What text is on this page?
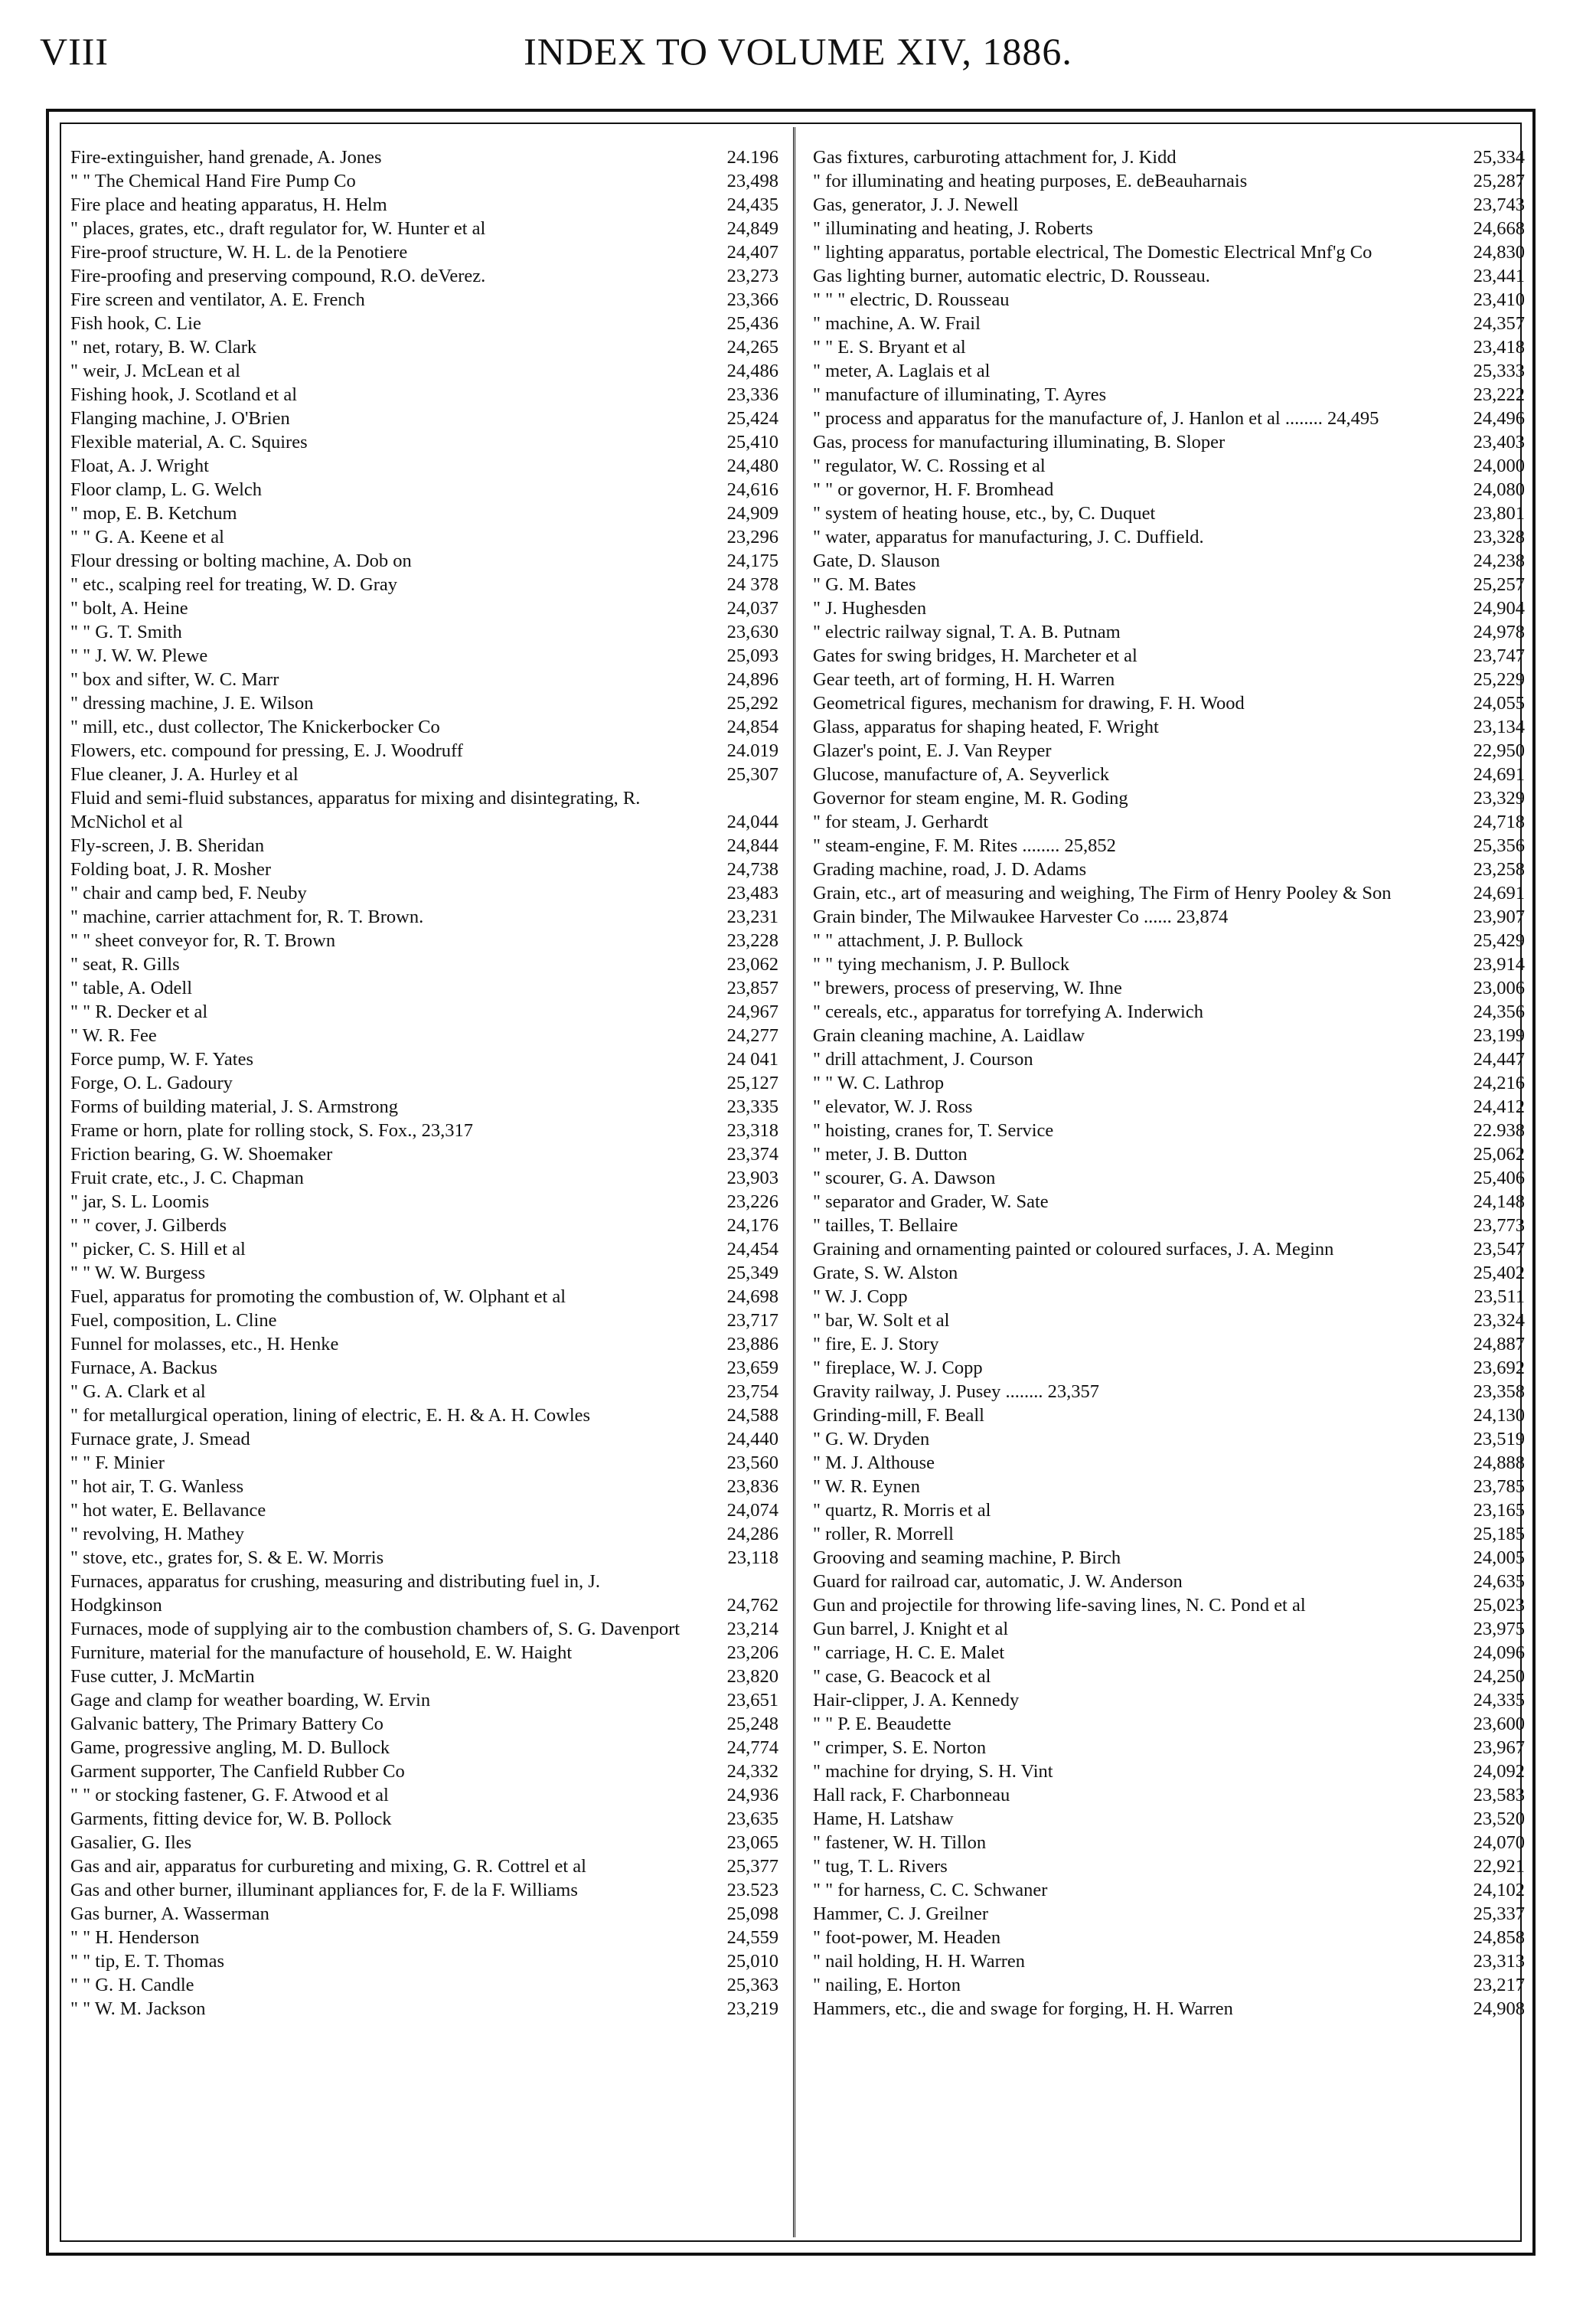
VIII	INDEX TO VOLUME XIV, 1886.
Fire-extinguisher, hand grenade, A. Jones	24.196
" " The Chemical Hand Fire Pump Co	23,498
Fire place and heating apparatus, H. Helm	24,435
" places, grates, etc., draft regulator for, W. Hunter et al	24,849
Fire-proof structure, W. H. L. de la Penotiere	24,407
Fire-proofing and preserving compound, R.O. deVerez.	23,273
Fire screen and ventilator, A. E. French	23,366
Fish hook, C. Lie	25,436
" net, rotary, B. W. Clark	24,265
" weir, J. McLean et al	24,486
Fishing hook, J. Scotland et al	23,336
Flanging machine, J. O'Brien	25,424
Flexible material, A. C. Squires	25,410
Float, A. J. Wright	24,480
Floor clamp, L. G. Welch	24,616
" mop, E. B. Ketchum	24,909
" " G. A. Keene et al	23,296
Flour dressing or bolting machine, A. Dob on	24,175
" etc., scalping reel for treating, W. D. Gray	24 378
" bolt, A. Heine	24,037
" " G. T. Smith	23,630
" " J. W. W. Plewe	25,093
" box and sifter, W. C. Marr	24,896
" dressing machine, J. E. Wilson	25,292
" mill, etc., dust collector, The Knickerbocker Co	24,854
Flowers, etc. compound for pressing, E. J. Woodruff	24.019
Flue cleaner, J. A. Hurley et al	25,307
Fluid and semi-fluid substances, apparatus for mixing and disintegrating, R. McNichol et al	24,044
Fly-screen, J. B. Sheridan	24,844
Folding boat, J. R. Mosher	24,738
" chair and camp bed, F. Neuby	23,483
" machine, carrier attachment for, R. T. Brown.	23,231
" " sheet conveyor for, R. T. Brown	23,228
" seat, R. Gills	23,062
" table, A. Odell	23,857
" " R. Decker et al	24,967
" W. R. Fee	24,277
Force pump, W. F. Yates	24 041
Forge, O. L. Gadoury	25,127
Forms of building material, J. S. Armstrong	23,335
Frame or horn, plate for rolling stock, S. Fox., 23,317	23,318
Friction bearing, G. W. Shoemaker	23,374
Fruit crate, etc., J. C. Chapman	23,903
" jar, S. L. Loomis	23,226
" " cover, J. Gilberds	24,176
" picker, C. S. Hill et al	24,454
" " W. W. Burgess	25,349
Fuel, apparatus for promoting the combustion of, W. Olphant et al	24,698
Fuel, composition, L. Cline	23,717
Funnel for molasses, etc., H. Henke	23,886
Furnace, A. Backus	23,659
" G. A. Clark et al	23,754
" for metallurgical operation, lining of electric, E. H. & A. H. Cowles	24,588
Furnace grate, J. Smead	24,440
" " F. Minier	23,560
" hot air, T. G. Wanless	23,836
" hot water, E. Bellavance	24,074
" revolving, H. Mathey	24,286
" stove, etc., grates for, S. & E. W. Morris	23,118
Furnaces, apparatus for crushing, measuring and distributing fuel in, J. Hodgkinson	24,762
Furnaces, mode of supplying air to the combustion chambers of, S. G. Davenport	23,214
Furniture, material for the manufacture of household, E. W. Haight	23,206
Fuse cutter, J. McMartin	23,820
Gage and clamp for weather boarding, W. Ervin	23,651
Galvanic battery, The Primary Battery Co	25,248
Game, progressive angling, M. D. Bullock	24,774
Garment supporter, The Canfield Rubber Co	24,332
" " or stocking fastener, G. F. Atwood et al	24,936
Garments, fitting device for, W. B. Pollock	23,635
Gasalier, G. Iles	23,065
Gas and air, apparatus for curbureting and mixing, G. R. Cottrel et al	25,377
Gas and other burner, illuminant appliances for, F. de la F. Williams	23.523
Gas burner, A. Wasserman	25,098
" " H. Henderson	24,559
" " tip, E. T. Thomas	25,010
" " G. H. Candle	25,363
" " W. M. Jackson	23,219
Gas fixtures, carburoting attachment for, J. Kidd	25,334
" for illuminating and heating purposes, E. deBeauharnais	25,287
Gas, generator, J. J. Newell	23,743
" illuminating and heating, J. Roberts	24,668
" lighting apparatus, portable electrical, The Domestic Electrical Mnf'g Co	24,830
Gas lighting burner, automatic electric, D. Rousseau.	23,441
" " " electric, D. Rousseau	23,410
" machine, A. W. Frail	24,357
" " E. S. Bryant et al	23,418
" meter, A. Laglais et al	25,333
" manufacture of illuminating, T. Ayres	23,222
" process and apparatus for the manufacture of, J. Hanlon et al ........ 24,495	24,496
Gas, process for manufacturing illuminating, B. Sloper	23,403
" regulator, W. C. Rossing et al	24,000
" " or governor, H. F. Bromhead	24,080
" system of heating house, etc., by, C. Duquet	23,801
" water, apparatus for manufacturing, J. C. Duffield.	23,328
Gate, D. Slauson	24,238
" G. M. Bates	25,257
" J. Hughesden	24,904
" electric railway signal, T. A. B. Putnam	24,978
Gates for swing bridges, H. Marcheter et al	23,747
Gear teeth, art of forming, H. H. Warren	25,229
Geometrical figures, mechanism for drawing, F. H. Wood	24,055
Glass, apparatus for shaping heated, F. Wright	23,134
Glazer's point, E. J. Van Reyper	22,950
Glucose, manufacture of, A. Seyverlick	24,691
Governor for steam engine, M. R. Goding	23,329
" for steam, J. Gerhardt	24,718
" steam-engine, F. M. Rites ........ 25,852	25,356
Grading machine, road, J. D. Adams	23,258
Grain, etc., art of measuring and weighing, The Firm of Henry Pooley & Son	24,691
Grain binder, The Milwaukee Harvester Co ...... 23,874	23,907
" " attachment, J. P. Bullock	25,429
" " tying mechanism, J. P. Bullock	23,914
" brewers, process of preserving, W. Ihne	23,006
" cereals, etc., apparatus for torrefying A. Inderwich	24,356
Grain cleaning machine, A. Laidlaw	23,199
" drill attachment, J. Courson	24,447
" " W. C. Lathrop	24,216
" elevator, W. J. Ross	24,412
" hoisting, cranes for, T. Service	22.938
" meter, J. B. Dutton	25,062
" scourer, G. A. Dawson	25,406
" separator and Grader, W. Sate	24,148
" tailles, T. Bellaire	23,773
Graining and ornamenting painted or coloured surfaces, J. A. Meginn	23,547
Grate, S. W. Alston	25,402
" W. J. Copp	23,511
" bar, W. Solt et al	23,324
" fire, E. J. Story	24,887
" fireplace, W. J. Copp	23,692
Gravity railway, J. Pusey ........ 23,357	23,358
Grinding-mill, F. Beall	24,130
" G. W. Dryden	23,519
" M. J. Althouse	24,888
" W. R. Eynen	23,785
" quartz, R. Morris et al	23,165
" roller, R. Morrell	25,185
Grooving and seaming machine, P. Birch	24,005
Guard for railroad car, automatic, J. W. Anderson	24,635
Gun and projectile for throwing life-saving lines, N. C. Pond et al	25,023
Gun barrel, J. Knight et al	23,975
" carriage, H. C. E. Malet	24,096
" case, G. Beacock et al	24,250
Hair-clipper, J. A. Kennedy	24,335
" " P. E. Beaudette	23,600
" crimper, S. E. Norton	23,967
" machine for drying, S. H. Vint	24,092
Hall rack, F. Charbonneau	23,583
Hame, H. Latshaw	23,520
" fastener, W. H. Tillon	24,070
" tug, T. L. Rivers	22,921
" " for harness, C. C. Schwaner	24,102
Hammer, C. J. Greilner	25,337
" foot-power, M. Headen	24,858
" nail holding, H. H. Warren	23,313
" nailing, E. Horton	23,217
Hammers, etc., die and swage for forging, H. H. Warren	24,908
